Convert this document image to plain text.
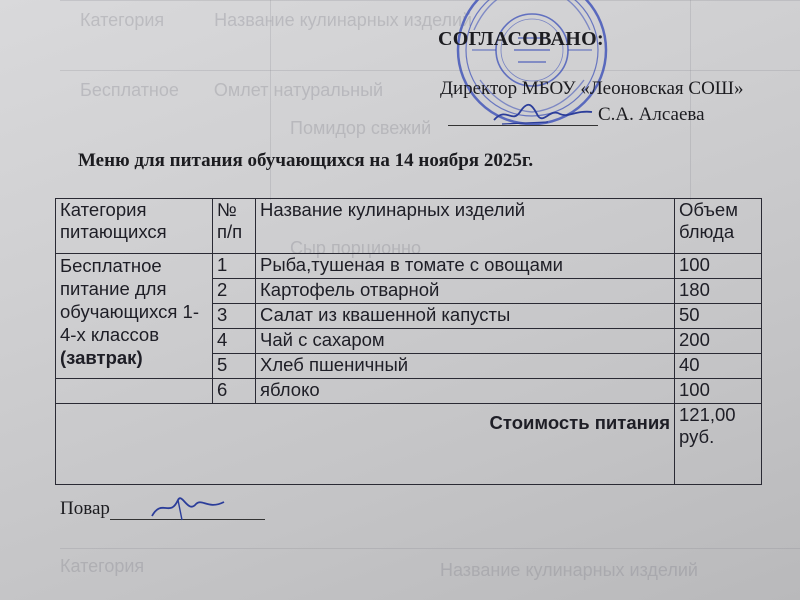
Категория          Название кулинарных изделий
Бесплатное       Омлет натуральный
Помидор свежий
Сыр порционно
Название кулинарных изделий
Категория
СОГЛАСОВАНО:
Директор МБОУ «Леоновская СОШ»
С.А. Алсаева
Меню для питания обучающихся на 14 ноября 2025г.
Категория питающихся	№ п/п	Название кулинарных изделий	Объем блюда
Бесплатное питание для обучающихся 1-4-х классов (завтрак)	1	Рыба,тушеная в томате с овощами	100
	2	Картофель отварной	180
	3	Салат из квашенной капусты	50
	4	Чай с сахаром	200
	5	Хлеб пшеничный	40
	6	яблоко	100
Стоимость питания			121,00 руб.
Повар
